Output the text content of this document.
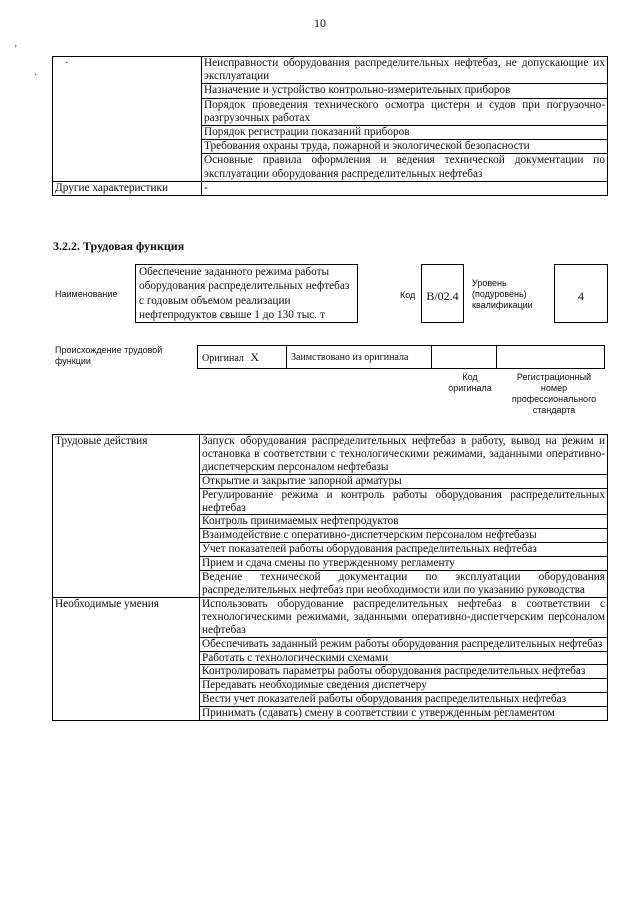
10
’
·
·	Неисправности оборудования распределительных нефтебаз, не допускающие их эксплуатации
	Назначение и устройство контрольно-измерительных приборов
	Порядок проведения технического осмотра цистерн и судов при погрузочно-разгрузочных работах
	Порядок регистрации показаний приборов
	Требования охраны труда, пожарной и экологической безопасности
	Основные правила оформления и ведения технической документации по эксплуатации оборудования распределительных нефтебаз
Другие характеристики	-
3.2.2. Трудовая функция
Наименование
Обеспечение заданного режима работы оборудования распределительных нефтебаз с годовым объемом реализации нефтепродуктов свыше 1 до 130 тыс. т
Код B/02.4
Уровень (подуровень) квалификации
4
Происхождение трудовой функции	Оригинал X	Заимствовано из оригинала		
Код оригинала
Регистрационный номер профессионального стандарта
Трудовые действия	Запуск оборудования распределительных нефтебаз в работу, вывод на режим и остановка в соответствии с технологическими режимами, заданными оперативно-диспетчерским персоналом нефтебазы
	Открытие и закрытие запорной арматуры
	Регулирование режима и контроль работы оборудования распределительных нефтебаз
	Контроль принимаемых нефтепродуктов
	Взаимодействие с оперативно-диспетчерским персоналом нефтебазы
	Учет показателей работы оборудования распределительных нефтебаз
	Прием и сдача смены по утвержденному регламенту
	Ведение технической документации по эксплуатации оборудования распределительных нефтебаз при необходимости или по указанию руководства
Необходимые умения	Использовать оборудование распределительных нефтебаз в соответствии с технологическими режимами, заданными оперативно-диспетчерским персоналом нефтебаз
	Обеспечивать заданный режим работы оборудования распределительных нефтебаз
	Работать с технологическими схемами
	Контролировать параметры работы оборудования распределительных нефтебаз
	Передавать необходимые сведения диспетчеру
	Вести учет показателей работы оборудования распределительных нефтебаз
	Принимать (сдавать) смену в соответствии с утвержденным регламентом
